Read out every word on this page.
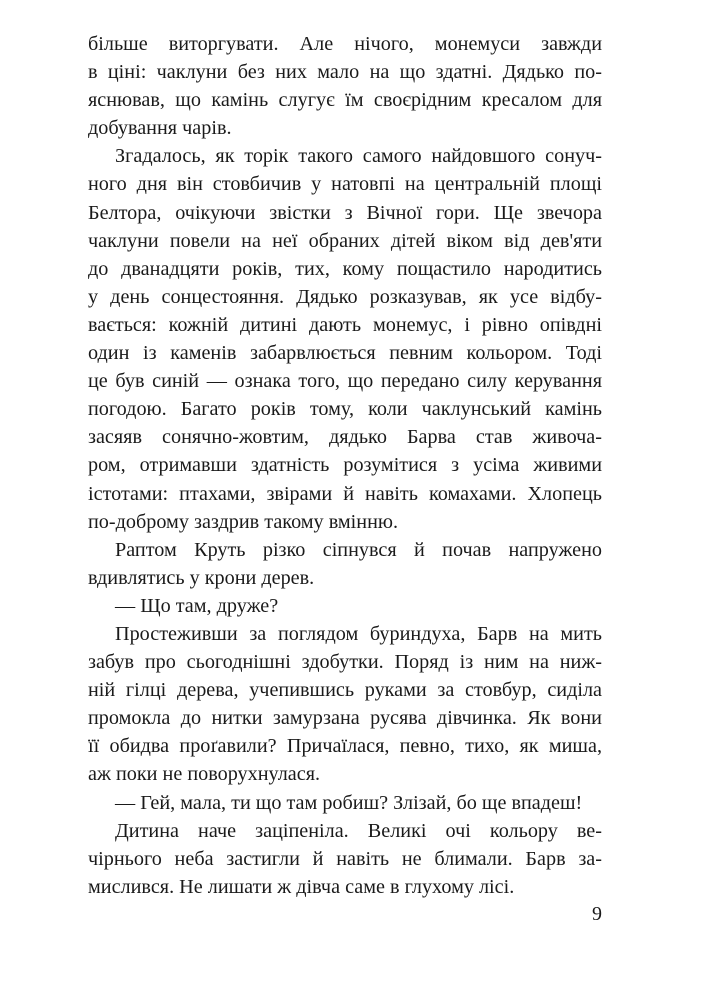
більше виторгувати. Але нічого, монемуси завжди
в ціні: чаклуни без них мало на що здатні. Дядько по-
яснював, що камінь слугує їм своєрідним кресалом для
добування чарів.
Згадалось, як торік такого самого найдовшого сонyч-
ного дня він стовбичив у натовпі на центральній площі
Белтора, очікуючи звістки з Вічної гори. Ще звечора
чаклуни повели на неї обраних дітей віком від дев'яти
до дванадцяти років, тих, кому пощастило народитись
у день сонцестояння. Дядько розказував, як усе відбу-
вається: кожній дитині дають монемус, і рівно опівдні
один із каменів забарвлюється певним кольором. Тоді
це був синій — ознака того, що передано силу керування
погодою. Багато років тому, коли чаклунський камінь
засяяв сонячно-жовтим, дядько Барва став живоча-
ром, отримавши здатність розумітися з усіма живими
істотами: птахами, звірами й навіть комахами. Хлопець
по-доброму заздрив такому вмінню.
Раптом Круть різко сіпнувся й почав напружено
вдивлятись у крони дерев.
— Що там, друже?
Простеживши за поглядом буриндуха, Барв на мить
забув про сьогоднішні здобутки. Поряд із ним на ниж-
ній гілці дерева, учепившись руками за стовбур, сиділа
промокла до нитки замурзана русява дівчинка. Як вони
її обидва проґавили? Причаїлася, певно, тихо, як миша,
аж поки не поворухнулася.
— Гей, мала, ти що там робиш? Злізай, бо ще впадеш!
Дитина наче заціпеніла. Великі очі кольору ве-
чірнього неба застигли й навіть не блимали. Барв за-
мислився. Не лишати ж дівча саме в глухому лісі.
9
